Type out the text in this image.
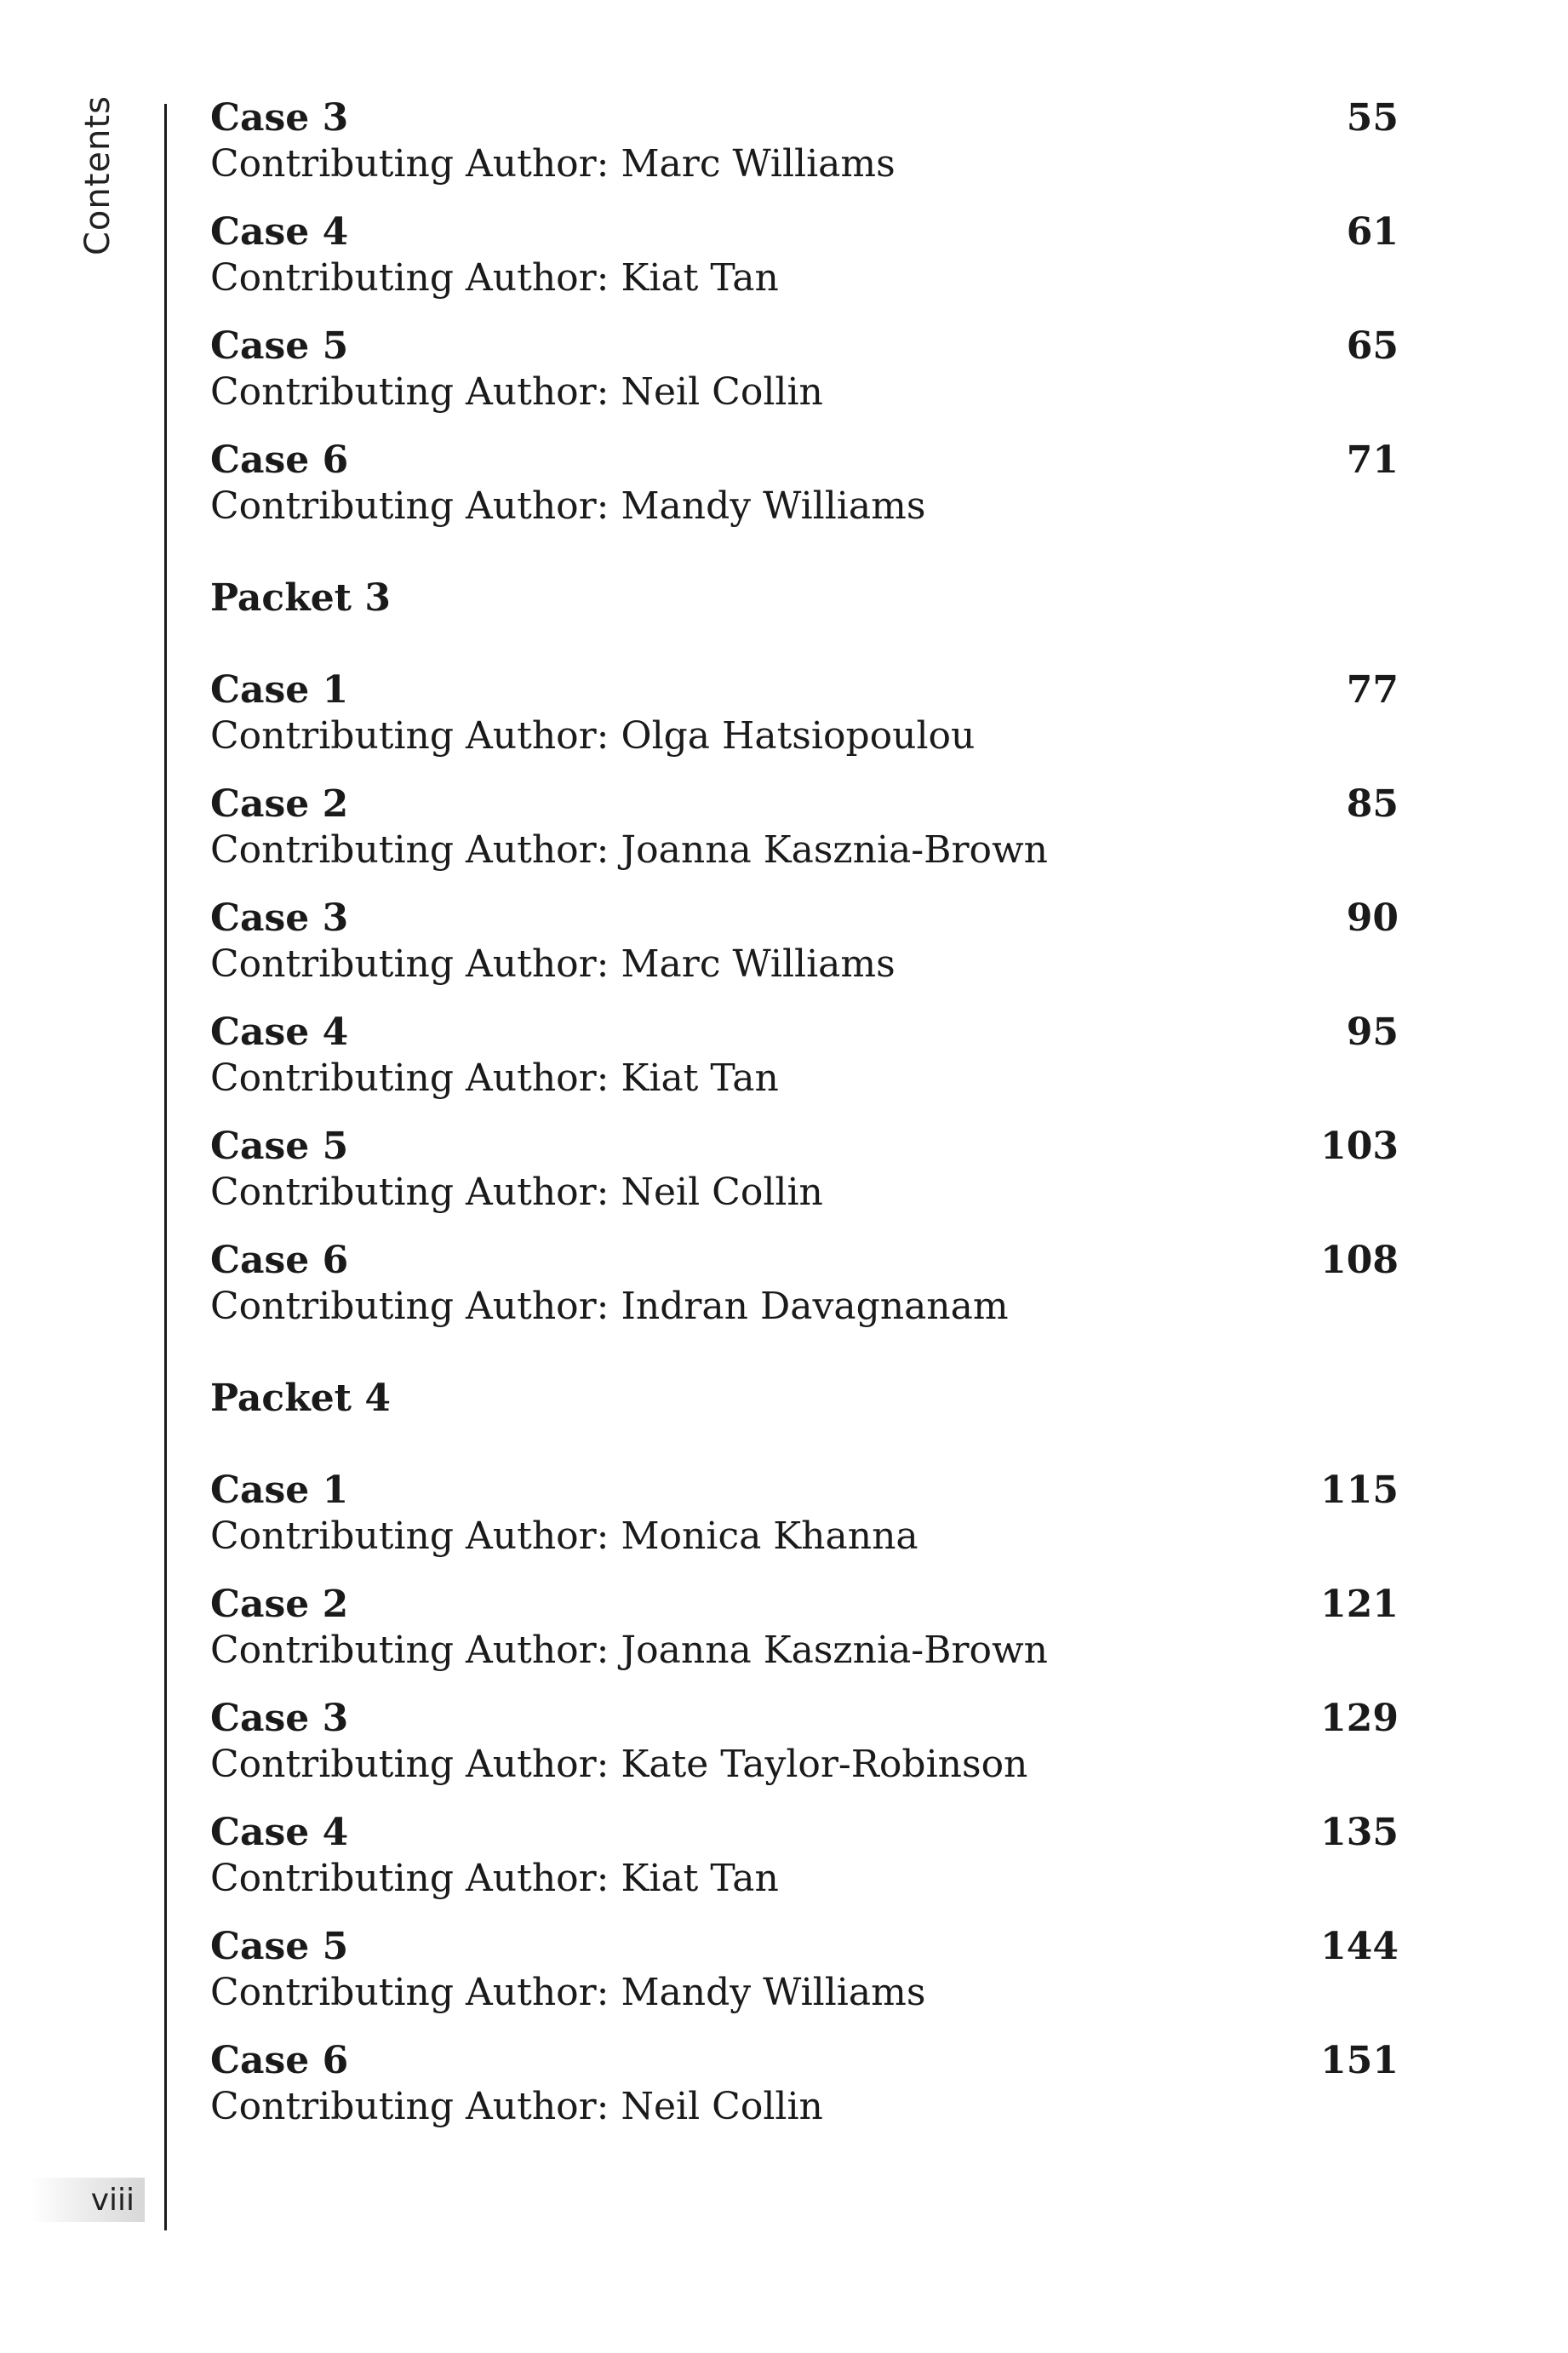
Contents
viii
Case 3	55
Contributing Author: Marc Williams
Case 4	61
Contributing Author: Kiat Tan
Case 5	65
Contributing Author: Neil Collin
Case 6	71
Contributing Author: Mandy Williams
Packet 3
Case 1	77
Contributing Author: Olga Hatsiopoulou
Case 2	85
Contributing Author: Joanna Kasznia-Brown
Case 3	90
Contributing Author: Marc Williams
Case 4	95
Contributing Author: Kiat Tan
Case 5	103
Contributing Author: Neil Collin
Case 6	108
Contributing Author: Indran Davagnanam
Packet 4
Case 1	115
Contributing Author: Monica Khanna
Case 2	121
Contributing Author: Joanna Kasznia-Brown
Case 3	129
Contributing Author: Kate Taylor-Robinson
Case 4	135
Contributing Author: Kiat Tan
Case 5	144
Contributing Author: Mandy Williams
Case 6	151
Contributing Author: Neil Collin
